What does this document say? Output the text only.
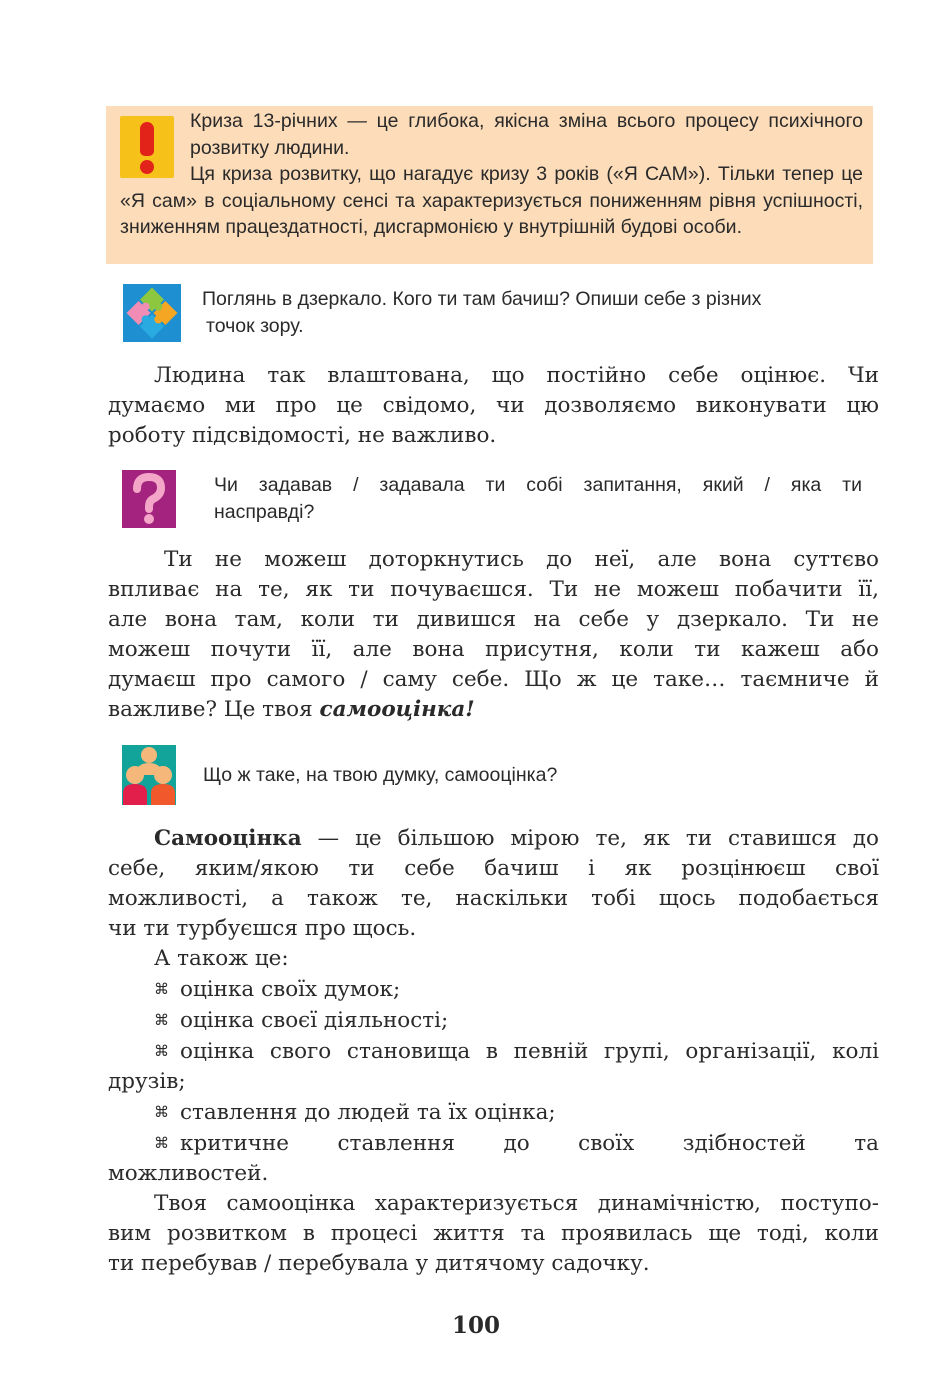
Криза 13-річних — це глибока, якісна зміна всього процесу психічного розвитку людини.

Ця криза розвитку, що нагадує кризу 3 років («Я САМ»). Тільки тепер це «Я сам» в соціальному сенсі та характеризується пониженням рівня успішності, зниженням працездатності, дисгармонією у внутрішній будові особи.

Поглянь в дзеркало. Кого ти там бачиш? Опиши себе з різних
точок зору.
Людина так влаштована, що постійно себе оцінює. Чи
думаємо ми про це свідомо, чи дозволяємо виконувати цю
роботу підсвідомості, не важливо.
Чи задавав / задавала ти собі запитання, який / яка ти
насправді?
Ти не можеш доторкнутись до неї, але вона суттєво
впливає на те, як ти почуваєшся. Ти не можеш побачити її,
але вона там, коли ти дивишся на себе у дзеркало. Ти не
можеш почути її, але вона присутня, коли ти кажеш або
думаєш про самого / саму себе. Що ж це таке… таємниче й
важливе? Це твоя самооцінка!
Що ж таке, на твою думку, самооцінка?
Самооцінка — це більшою мірою те, як ти ставишся до
себе, яким/якою ти себе бачиш і як розцінюєш свої
можливості, а також те, наскільки тобі щось подобається
чи ти турбуєшся про щось.
А також це:
⌘ оцінка своїх думок;
⌘ оцінка своєї діяльності;
⌘ оцінка свого становища в певній групі, організації, колі
друзів;
⌘ ставлення до людей та їх оцінка;
⌘ критичне ставлення до своїх здібностей та
можливостей.
Твоя самооцінка характеризується динамічністю, поступо-
вим розвитком в процесі життя та проявилась ще тоді, коли
ти перебував / перебувала у дитячому садочку.
100
